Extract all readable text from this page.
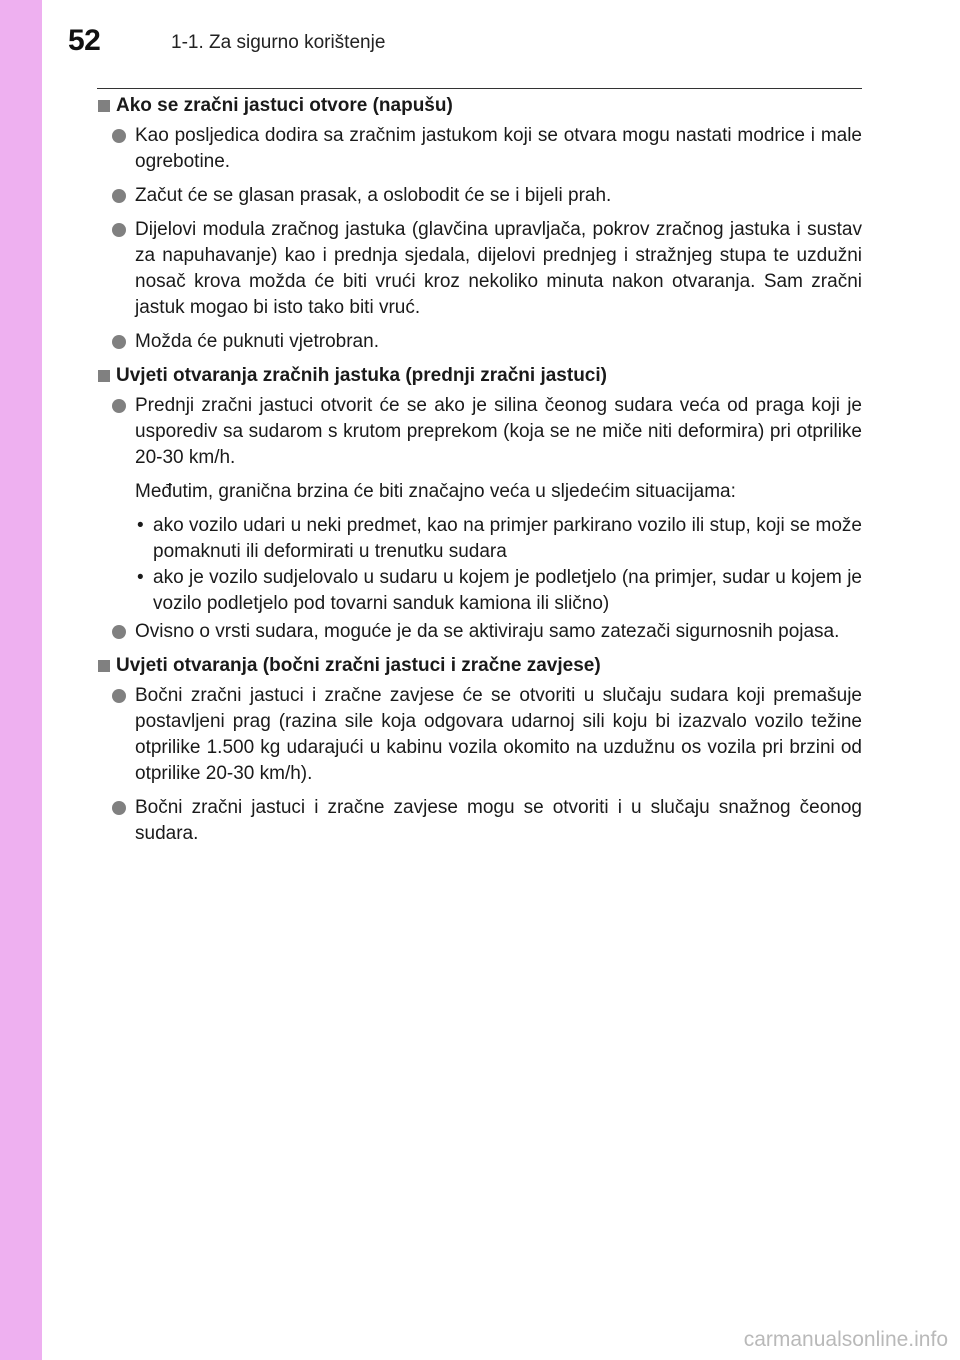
52	1-1. Za sigurno korištenje
Ako se zračni jastuci otvore (napušu)
Kao posljedica dodira sa zračnim jastukom koji se otvara mogu nastati modrice i male ogrebotine.
Začut će se glasan prasak, a oslobodit će se i bijeli prah.
Dijelovi modula zračnog jastuka (glavčina upravljača, pokrov zračnog jastuka i sustav za napuhavanje) kao i prednja sjedala, dijelovi prednjeg i stražnjeg stupa te uzdužni nosač krova možda će biti vrući kroz nekoliko minuta nakon otvaranja. Sam zračni jastuk mogao bi isto tako biti vruć.
Možda će puknuti vjetrobran.
Uvjeti otvaranja zračnih jastuka (prednji zračni jastuci)
Prednji zračni jastuci otvorit će se ako je silina čeonog sudara veća od praga koji je usporediv sa sudarom s krutom preprekom (koja se ne miče niti deformira) pri otprilike 20-30 km/h.
Međutim, granična brzina će biti značajno veća u sljedećim situacijama:
• ako vozilo udari u neki predmet, kao na primjer parkirano vozilo ili stup, koji se može pomaknuti ili deformirati u trenutku sudara
• ako je vozilo sudjelovalo u sudaru u kojem je podletjelo (na primjer, sudar u kojem je vozilo podletjelo pod tovarni sanduk kamiona ili slično)
Ovisno o vrsti sudara, moguće je da se aktiviraju samo zatezači sigurnosnih pojasa.
Uvjeti otvaranja (bočni zračni jastuci i zračne zavjese)
Bočni zračni jastuci i zračne zavjese će se otvoriti u slučaju sudara koji premašuje postavljeni prag (razina sile koja odgovara udarnoj sili koju bi izazvalo vozilo težine otprilike 1.500 kg udarajući u kabinu vozila okomito na uzdužnu os vozila pri brzini od otprilike 20-30 km/h).
Bočni zračni jastuci i zračne zavjese mogu se otvoriti i u slučaju snažnog čeonog sudara.
carmanualsonline.info
